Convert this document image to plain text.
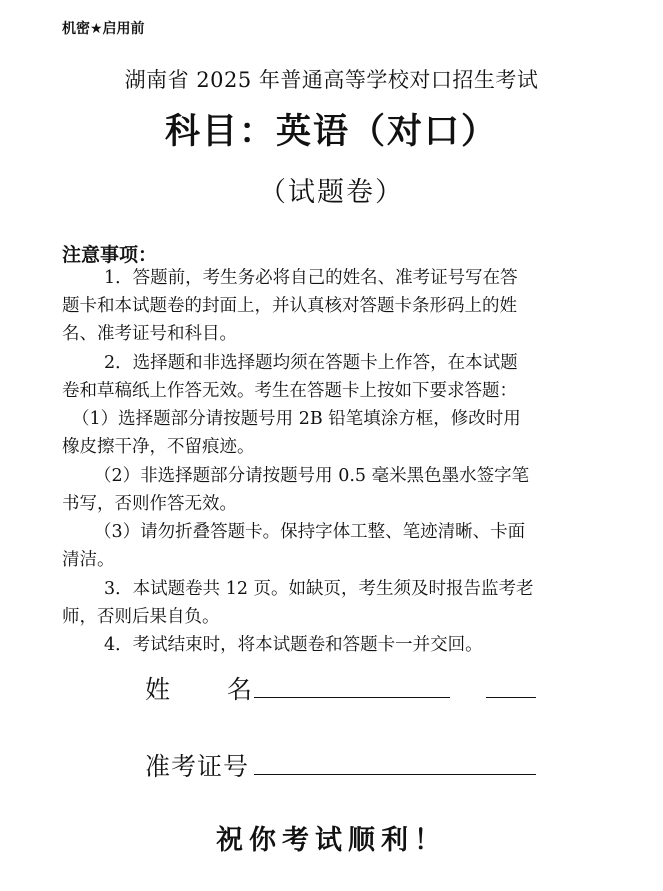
机密★启用前
湖南省 2025 年普通高等学校对口招生考试
科目：英语（对口）
（试题卷）
注意事项：
1．答题前，考生务必将自己的姓名、准考证号写在答
题卡和本试题卷的封面上，并认真核对答题卡条形码上的姓
名、准考证号和科目。
2．选择题和非选择题均须在答题卡上作答，在本试题
卷和草稿纸上作答无效。考生在答题卡上按如下要求答题：
（1）选择题部分请按题号用 2B 铅笔填涂方框，修改时用
橡皮擦干净，不留痕迹。
（2）非选择题部分请按题号用 0.5 毫米黑色墨水签字笔
书写，否则作答无效。
（3）请勿折叠答题卡。保持字体工整、笔迹清晰、卡面
清洁。
3．本试题卷共 12 页。如缺页，考生须及时报告监考老
师，否则后果自负。
4．考试结束时，将本试题卷和答题卡一并交回。
姓 名
准考证号
祝你考试顺利！
